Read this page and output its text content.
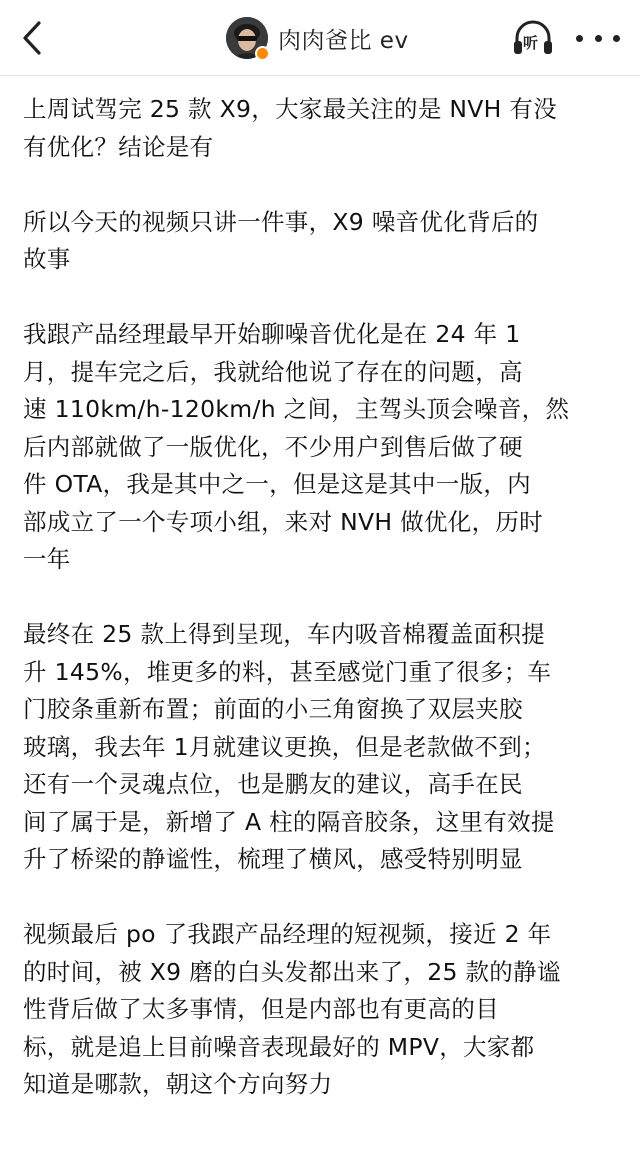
肉肉爸比 ev	听

上周试驾完 25 款 X9，大家最关注的是 NVH 有没
有优化？结论是有

所以今天的视频只讲一件事，X9 噪音优化背后的
故事

我跟产品经理最早开始聊噪音优化是在 24 年 1
月，提车完之后，我就给他说了存在的问题，高
速 110km/h-120km/h 之间，主驾头顶会噪音，然
后内部就做了一版优化，不少用户到售后做了硬
件 OTA，我是其中之一，但是这是其中一版，内
部成立了一个专项小组，来对 NVH 做优化，历时
一年

最终在 25 款上得到呈现，车内吸音棉覆盖面积提
升 145%，堆更多的料，甚至感觉门重了很多；车
门胶条重新布置；前面的小三角窗换了双层夹胶
玻璃，我去年 1月就建议更换，但是老款做不到；
还有一个灵魂点位，也是鹏友的建议，高手在民
间了属于是，新增了 A 柱的隔音胶条，这里有效提
升了桥梁的静谧性，梳理了横风，感受特别明显

视频最后 po 了我跟产品经理的短视频，接近 2 年
的时间，被 X9 磨的白头发都出来了，25 款的静谧
性背后做了太多事情，但是内部也有更高的目
标，就是追上目前噪音表现最好的 MPV，大家都
知道是哪款，朝这个方向努力
